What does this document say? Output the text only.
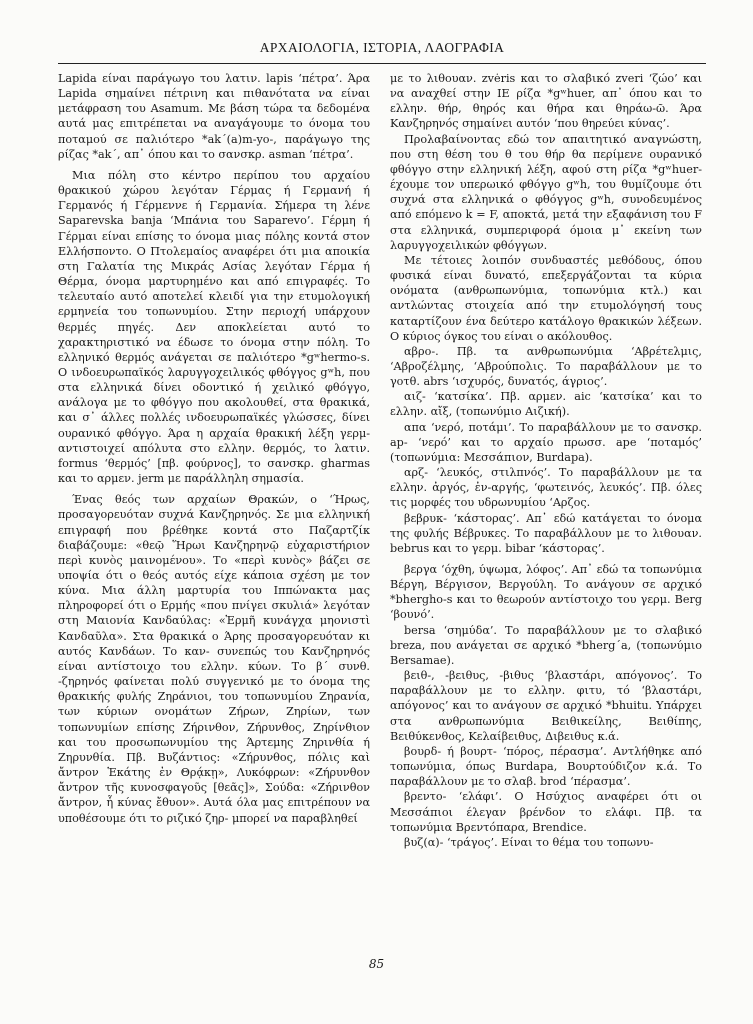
ΑΡΧΑΙΟΛΟΓΙΑ, ΙΣΤΟΡΙΑ, ΛΑΟΓΡΑΦΙΑ

Lapida είναι παράγωγο του λατιν. lapis ‘πέτρα’. Άρα Lapida σημαίνει πέτρινη και πιθανότατα να είναι μετάφραση του Asamum. Με βάση τώρα τα δεδομένα αυτά μας επιτρέπεται να αναγάγουμε το όνομα του ποταμού σε παλιότερο *ak΄(a)m-yo-, παράγωγο της ρίζας *ak΄, απ᾽ όπου και το σανσκρ. asman ‘πέτρα’.

Μια πόλη στο κέντρο περίπου του αρχαίου θρακικού χώρου λεγόταν Γέρμας ή Γερμανή ή Γερμανός ή Γέρμεννε ή Γερμανία. Σήμερα τη λένε Saparevska banja ‘Μπάνια του Saparevo’. Γέρμη ή Γέρμαι είναι επίσης το όνομα μιας πόλης κοντά στον Ελλήσποντο. Ο Πτολεμαίος αναφέρει ότι μια αποικία στη Γαλατία της Μικράς Ασίας λεγόταν Γέρμα ή Θέρμα, όνομα μαρτυρημένο και από επιγραφές. Το τελευταίο αυτό αποτελεί κλειδί για την ετυμολογική ερμηνεία του τοπωνυμίου. Στην περιοχή υπάρχουν θερμές πηγές. Δεν αποκλείεται αυτό το χαρακτηριστικό να έδωσε το όνομα στην πόλη. Το ελληνικό θερμός ανάγεται σε παλιότερο *gʷhermo-s. Ο ινδοευρωπαϊκός λαρυγγοχειλικός φθόγγος gʷh, που στα ελληνικά δίνει οδοντικό ή χειλικό φθόγγο, ανάλογα με το φθόγγο που ακολουθεί, στα θρακικά, και σ᾽ άλλες πολλές ινδοευρωπαϊκές γλώσσες, δίνει ουρανικό φθόγγο. Άρα η αρχαία θρακική λέξη γερμ- αντιστοιχεί απόλυτα στο ελλην. θερμός, το λατιν. formus ‘θερμός’ [πβ. φούρνος], το σανσκρ. gharmas και το αρμεν. jerm με παράλληλη σημασία.

Ένας θεός των αρχαίων Θρακών, ο ‘Ήρως, προσαγορευόταν συχνά Κανζηρηνός. Σε μια ελληνική επιγραφή που βρέθηκε κοντά στο Παζαρτζίκ διαβάζουμε: «θεῷ Ἥρωι Κανζηρηνῷ εὐχαριστήριον περὶ κυνὸς μαινομένου». Το «περὶ κυνὸς» βάζει σε υποψία ότι ο θεός αυτός είχε κάποια σχέση με τον κύνα. Μια άλλη μαρτυρία του Ιππώνακτα μας πληροφορεί ότι ο Ερμής «που πνίγει σκυλιά» λεγόταν στη Μαιονία Κανδαύλας: «Ἑρμῆ κυνάγχα μηονιστὶ Κανδαῦλα». Στα θρακικά ο Άρης προσαγορευόταν κι αυτός Κανδάων. Το καν- συνεπώς του Κανζηρηνός είναι αντίστοιχο του ελλην. κύων. Το β΄ συνθ. -ζηρηνός φαίνεται πολύ συγγενικό με το όνομα της θρακικής φυλής Ζηράνιοι, του τοπωνυμίου Ζηρανία, των κύριων ονομάτων Ζήρων, Ζηρίων, των τοπωνυμίων επίσης Ζήρινθον, Ζήρυνθος, Ζηρίνθιον και του προσωπωνυμίου της Άρτεμης Ζηρινθία ή Ζηρυνθία. Πβ. Βυζάντιος: «Ζήρυνθος, πόλις καὶ ἄντρον Ἑκάτης ἐν Θρᾴκῃ», Λυκόφρων: «Ζήρυνθον ἄντρον τῆς κυνοσφαγοῦς [θεᾶς]», Σούδα: «Ζήρινθον ἄντρον, ἧ κύνας ἔθυον». Αυτά όλα μας επιτρέπουν να υποθέσουμε ότι το ριζικό ζηρ- μπορεί να παραβληθεί

με το λιθουαν. zvėris και το σλαβικό zveri ‘ζώο’ και να αναχθεί στην ΙΕ ρίζα *gʷhuer, απ᾽ όπου και το ελλην. θήρ, θηρός και θήρα και θηράω-ῶ. Άρα Κανζηρηνός σημαίνει αυτόν ‘που θηρεύει κύνας’.

Προλαβαίνοντας εδώ τον απαιτητικό αναγνώστη, που στη θέση του θ του θήρ θα περίμενε ουρανικό φθόγγο στην ελληνική λέξη, αφού στη ρίζα *gʷhuer- έχουμε τον υπερωικό φθόγγο gʷh, του θυμίζουμε ότι συχνά στα ελληνικά ο φθόγγος gʷh, συνοδευμένος από επόμενο k = F, αποκτά, μετά την εξαφάνιση του F στα ελληνικά, συμπεριφορά όμοια μ᾽ εκείνη των λαρυγγοχειλικών φθόγγων.

Με τέτοιες λοιπόν συνδυαστές μεθόδους, όπου φυσικά είναι δυνατό, επεξεργάζονται τα κύρια ονόματα (ανθρωπωνύμια, τοπωνύμια κτλ.) και αντλώντας στοιχεία από την ετυμολόγησή τους καταρτίζουν ένα δεύτερο κατάλογο θρακικών λέξεων. Ο κύριος όγκος του είναι ο ακόλουθος.

αβρο-. Πβ. τα ανθρωπωνύμια ‘Αβρέτελμις, ‘Αβροζέλμης, ‘Αβρούπολις. Το παραβάλλουν με το γοτθ. abrs ‘ισχυρός, δυνατός, άγριος’.

αιζ- ‘κατσίκα’. Πβ. αρμεν. aic ‘κατσίκα’ και το ελλην. αἴξ, (τοπωνύμιο Αιζική).

απα ‘νερό, ποτάμι’. Το παραβάλλουν με το σανσκρ. ap- ‘νερό’ και το αρχαίο πρωσσ. ape ‘ποταμός’ (τοπωνύμια: Μεσσάπιον, Burdapa).

αρζ- ‘λευκός, στιλπνός’. Το παραβάλλουν με τα ελλην. ἀργός, ἐν-αργής, ‘φωτεινός, λευκός’. Πβ. όλες τις μορφές του υδρωνυμίου ‘Αρζος.

βεβρυκ- ‘κάστορας’. Απ᾽ εδώ κατάγεται το όνομα της φυλής Βέβρυκες. Το παραβάλλουν με το λιθουαν. bebrus και το γερμ. bibar ‘κάστορας’.

βεργα ‘όχθη, ύψωμα, λόφος’. Απ᾽ εδώ τα τοπωνύμια Βέργη, Βέργισον, Βεργούλη. Το ανάγουν σε αρχικό *bhergho-s και το θεωρούν αντίστοιχο του γερμ. Berg ‘βουνό’.

bersa ‘σημύδα’. Το παραβάλλουν με το σλαβικό breza, που ανάγεται σε αρχικό *bherg΄a, (τοπωνύμιο Bersamae).

βειθ-, -βειθυς, -βιθυς ‘βλαστάρι, απόγονος’. Το παραβάλλουν με το ελλην. φιτυ, τό ‘βλαστάρι, απόγονος’ και το ανάγουν σε αρχικό *bhuitu. Υπάρχει στα ανθρωπωνύμια Βειθικείλης, Βειθίπης, Βειθύκενθος, Κελαίβειθυς, Διβειθυς κ.ά.

βουρδ- ή βουρτ- ‘πόρος, πέρασμα’. Αντλήθηκε από τοπωνύμια, όπως Burdapa, Βουρτούδιζον κ.ά. Το παραβάλλουν με το σλαβ. brod ‘πέρασμα’.

βρεντο- ‘ελάφι’. Ο Ησύχιος αναφέρει ότι οι Μεσσάπιοι έλεγαν βρένδον το ελάφι. Πβ. τα τοπωνύμια Βρεντόπαρα, Brendice.

βυζ(α)- ‘τράγος’. Είναι το θέμα του τοπωνυ-

85
